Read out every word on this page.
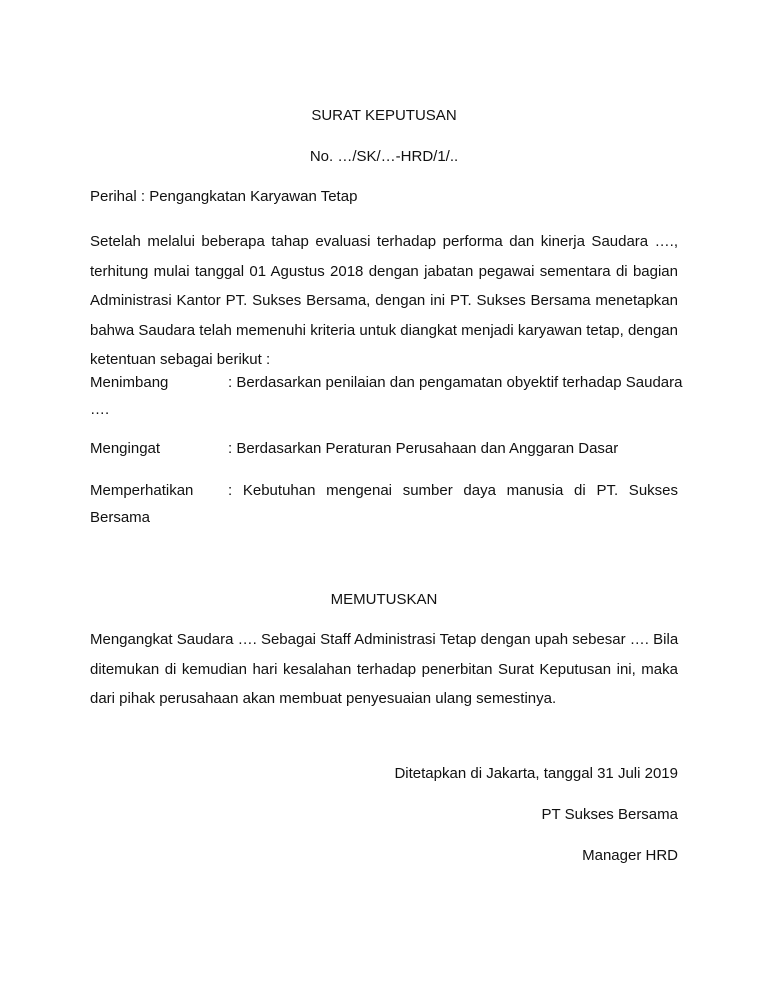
SURAT KEPUTUSAN
No. …/SK/…-HRD/1/..
Perihal : Pengangkatan Karyawan Tetap
Setelah melalui beberapa tahap evaluasi terhadap performa dan kinerja Saudara ….,
terhitung mulai tanggal 01 Agustus 2018 dengan jabatan pegawai sementara di bagian
Administrasi Kantor PT. Sukses Bersama, dengan ini PT. Sukses Bersama menetapkan
bahwa Saudara telah memenuhi kriteria untuk diangkat menjadi karyawan tetap, dengan
ketentuan sebagai berikut :
Menimbang	: Berdasarkan penilaian dan pengamatan obyektif terhadap Saudara
….
Mengingat	: Berdasarkan Peraturan Perusahaan dan Anggaran Dasar
Memperhatikan : Kebutuhan mengenai sumber daya manusia di PT. Sukses
Bersama
MEMUTUSKAN
Mengangkat Saudara …. Sebagai Staff Administrasi Tetap dengan upah sebesar …. Bila
ditemukan di kemudian hari kesalahan terhadap penerbitan Surat Keputusan ini, maka
dari pihak perusahaan akan membuat penyesuaian ulang semestinya.
Ditetapkan di Jakarta, tanggal 31 Juli 2019
PT Sukses Bersama
Manager HRD
